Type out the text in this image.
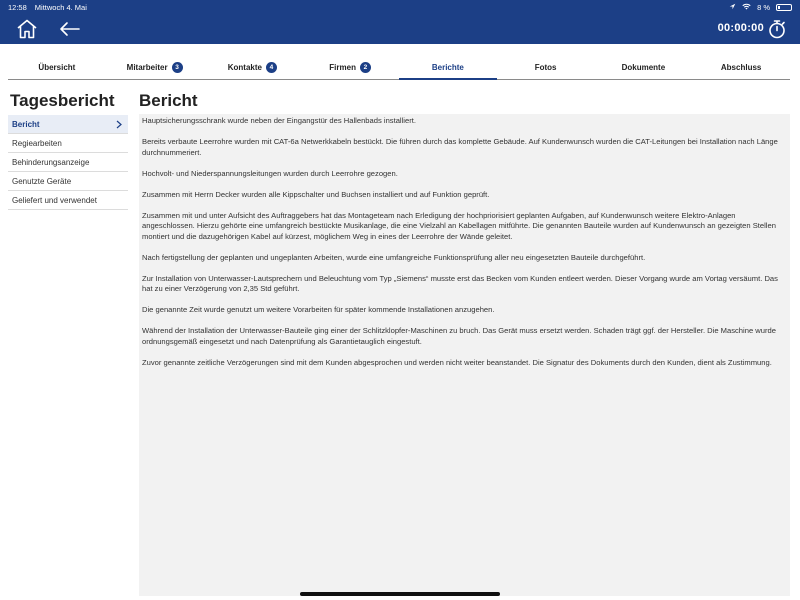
12:58 Mittwoch 4. Mai	8 %
00:00:00
Übersicht	Mitarbeiter	3	Kontakte	4	Firmen	2	Berichte	Fotos	Dokumente	Abschluss
Tagesbericht
Bericht
Regiearbeiten
Behinderungsanzeige
Genutzte Geräte
Geliefert und verwendet
Bericht

Hauptsicherungsschrank wurde neben der Eingangstür des Hallenbads installiert.

Bereits verbaute Leerrohre wurden mit CAT-6a Netwerkkabeln bestückt. Die führen durch das komplette Gebäude. Auf Kundenwunsch wurden die CAT-Leitungen bei Installation nach Länge durchnummeriert.

Hochvolt- und Niederspannungsleitungen wurden durch Leerrohre gezogen.

Zusammen mit Herrn Decker wurden alle Kippschalter und Buchsen installiert und auf Funktion geprüft.

Zusammen mit und unter Aufsicht des Auftraggebers hat das Montageteam nach Erledigung der hochpriorisiert geplanten Aufgaben, auf Kundenwunsch weitere Elektro-Anlagen angeschlossen. Hierzu gehörte eine umfangreich bestückte Musikanlage, die eine Vielzahl an Kabellagen mitführte. Die genannten Bauteile wurden auf Kundenwunsch an gezeigten Stellen montiert und die dazugehörigen Kabel auf kürzest, möglichem Weg in eines der Leerrohre der Wände geleitet.

Nach fertigstellung der geplanten und ungeplanten Arbeiten, wurde eine umfangreiche Funktionsprüfung aller neu eingesetzten Bauteile durchgeführt.

Zur Installation von Unterwasser-Lautsprechern und Beleuchtung vom Typ „Siemens“ musste erst das Becken vom Kunden entleert werden. Dieser Vorgang wurde am Vortag versäumt. Das hat zu einer Verzögerung von 2,35 Std geführt.

Die genannte Zeit wurde genutzt um weitere Vorarbeiten für später kommende Installationen anzugehen.

Während der Installation der Unterwasser-Bauteile ging einer der Schlitzklopfer-Maschinen zu bruch. Das Gerät muss ersetzt werden. Schaden trägt ggf. der Hersteller. Die Maschine wurde ordnungsgemäß eingesetzt und nach Datenprüfung als Garantietauglich eingestuft.

Zuvor genannte zeitliche Verzögerungen sind mit dem Kunden abgesprochen und werden nicht weiter beanstandet. Die Signatur des Dokuments durch den Kunden, dient als Zustimmung.
